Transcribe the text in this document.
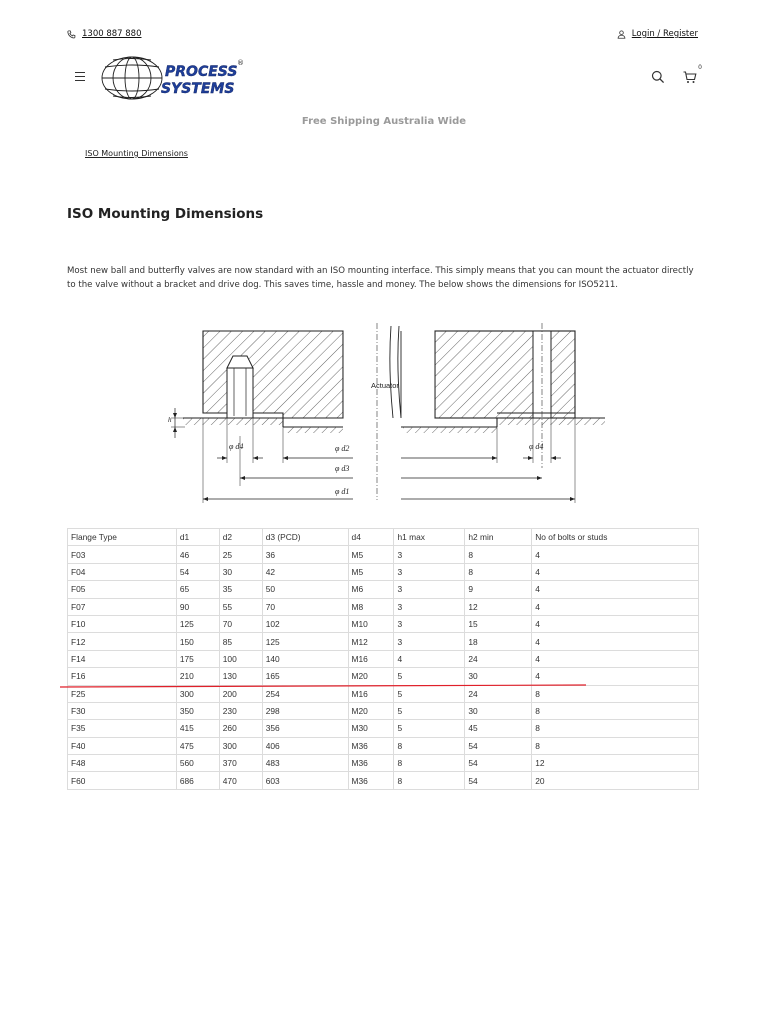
1300 887 880	Login / Register
PROCESS
SYSTEMS
®
0
Free Shipping Australia Wide
ISO Mounting Dimensions
ISO Mounting Dimensions

Most new ball and butterfly valves are now standard with an ISO mounting interface. This simply means that you can mount the actuator directly to the valve without a bracket and drive dog. This saves time, hassle and money. The below shows the dimensions for ISO5211.

Actuator
h
φ d4	φ d2	φ d4
φ d3
φ d1
Flange Type	d1	d2	d3 (PCD)	d4	h1 max	h2 min	No of bolts or studs
F03	46	25	36	M5	3	8	4
F04	54	30	42	M5	3	8	4
F05	65	35	50	M6	3	9	4
F07	90	55	70	M8	3	12	4
F10	125	70	102	M10	3	15	4
F12	150	85	125	M12	3	18	4
F14	175	100	140	M16	4	24	4
F16	210	130	165	M20	5	30	4
F25	300	200	254	M16	5	24	8
F30	350	230	298	M20	5	30	8
F35	415	260	356	M30	5	45	8
F40	475	300	406	M36	8	54	8
F48	560	370	483	M36	8	54	12
F60	686	470	603	M36	8	54	20
